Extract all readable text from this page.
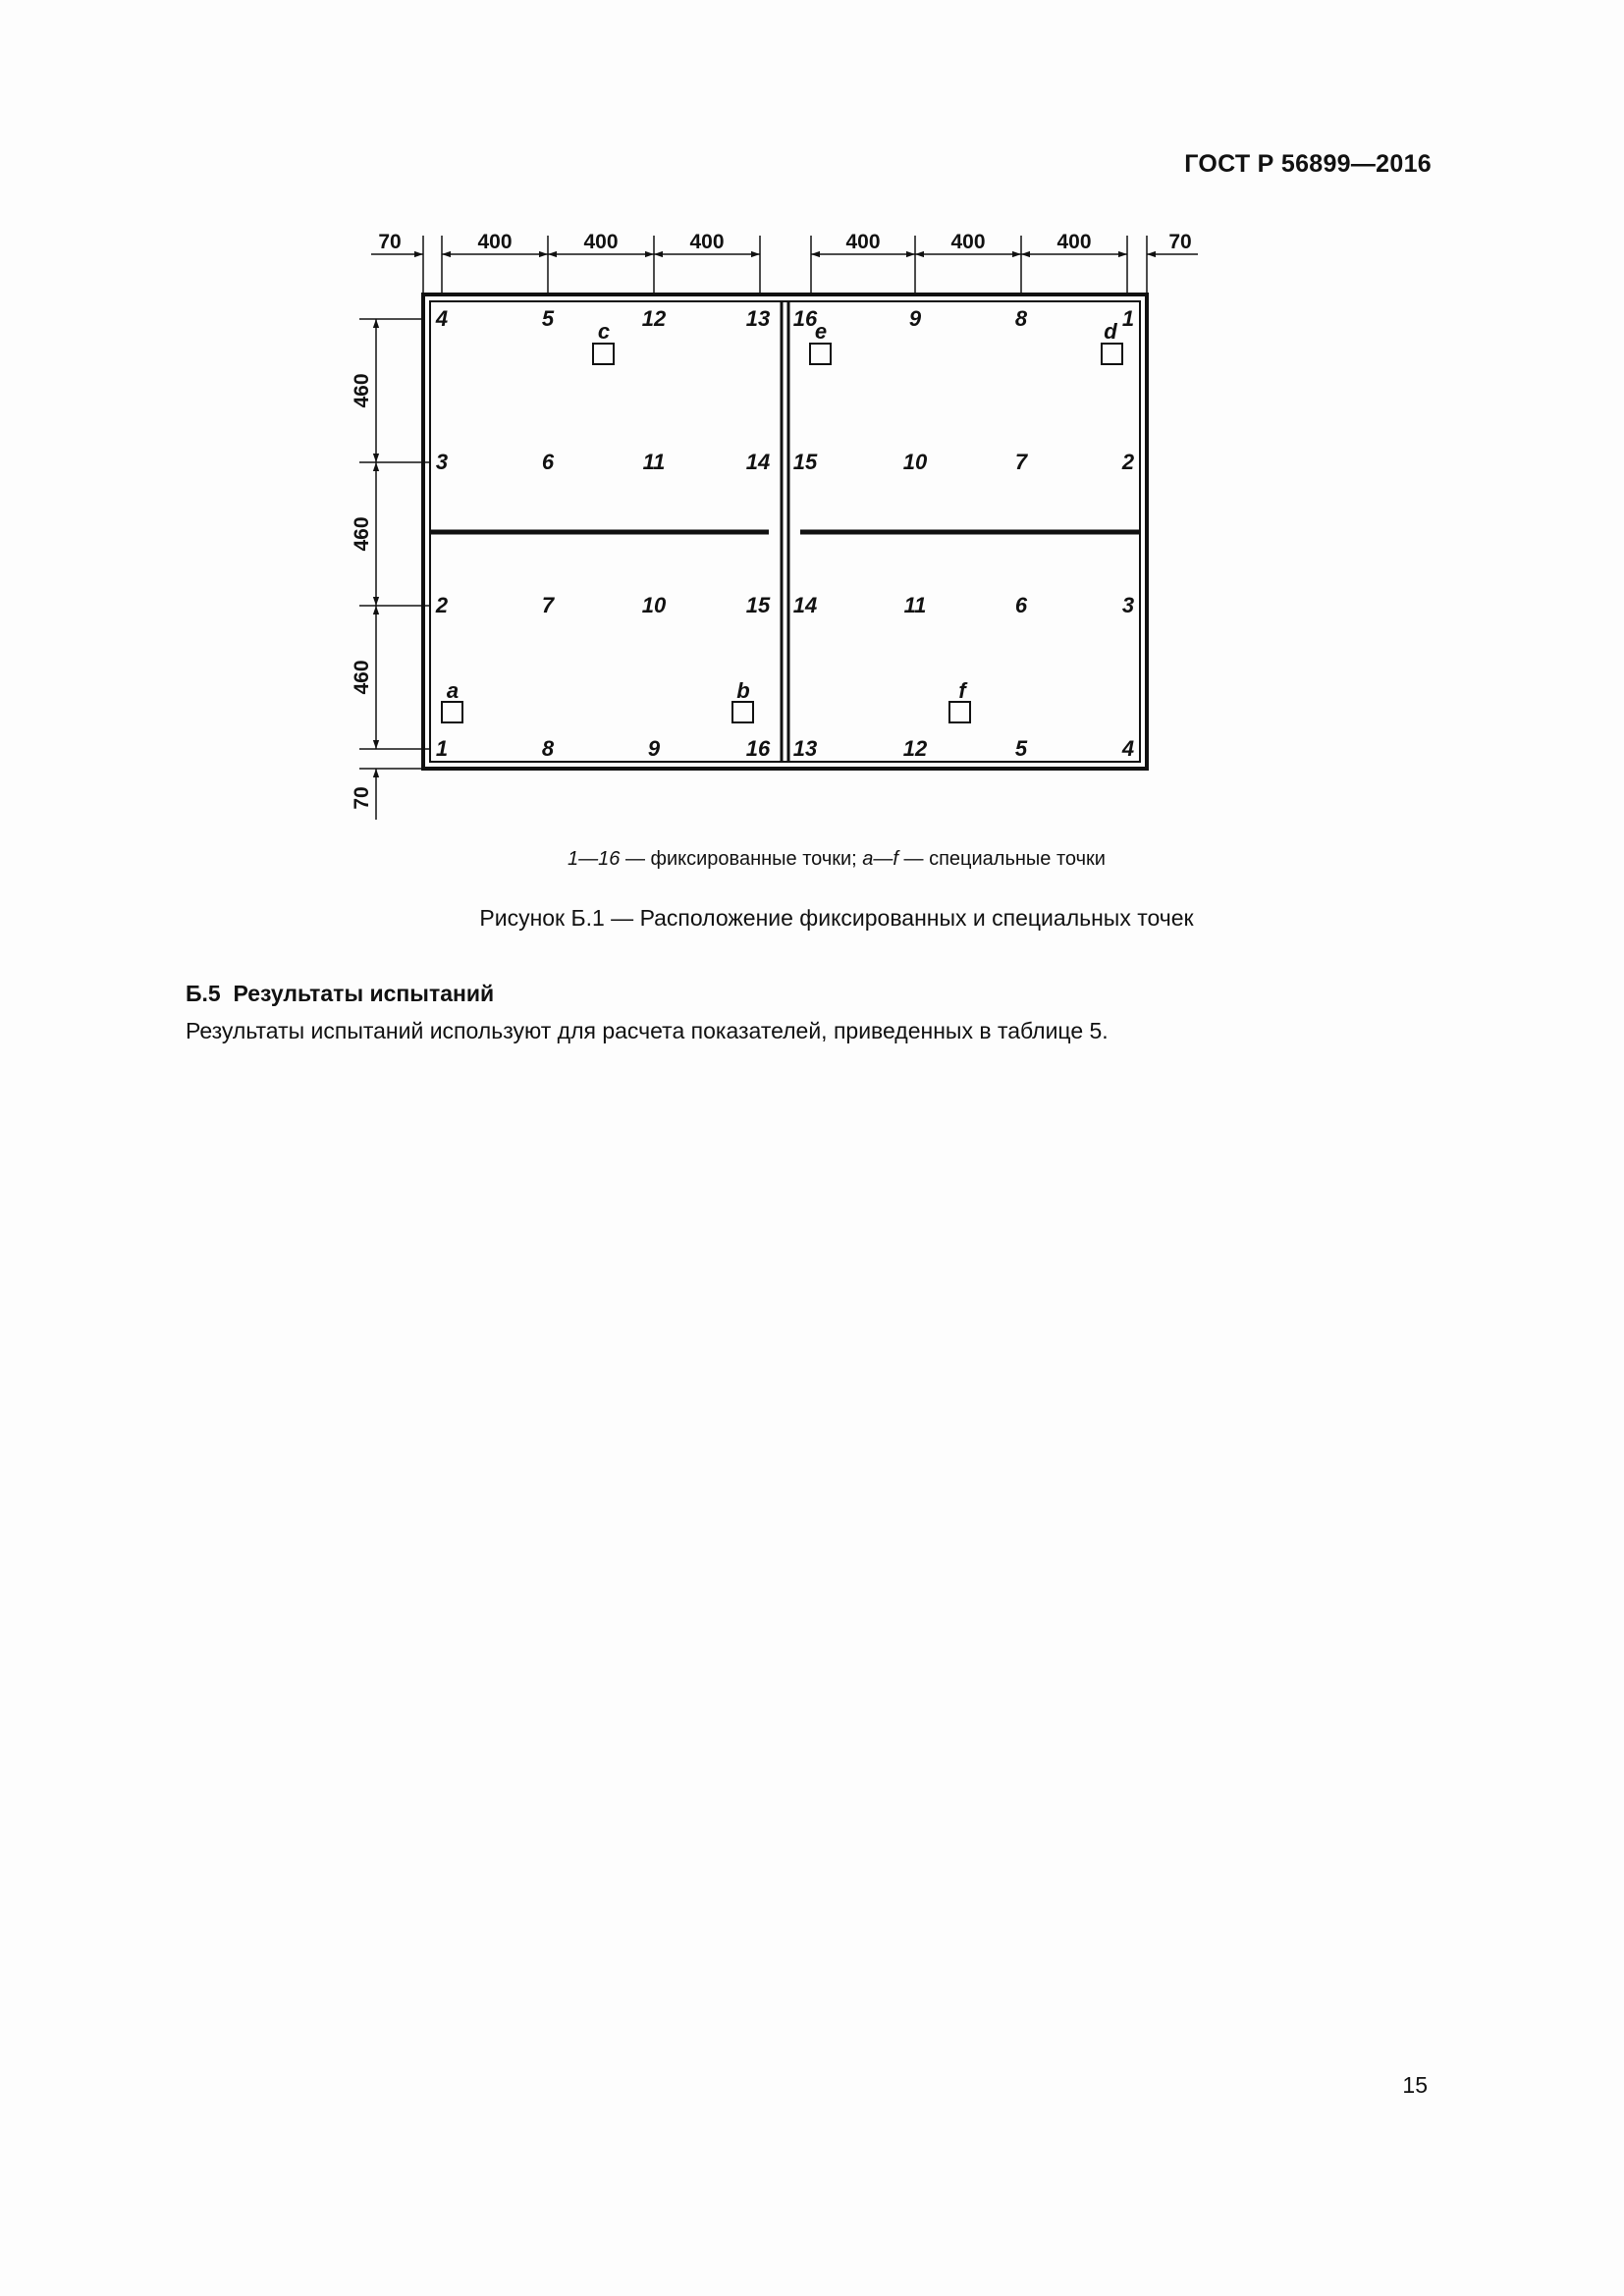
ГОСТ Р 56899—2016
70	400	400	400	400	400	400	70
460
460
460
70
4	5	12	13
3	6	11	14
2	7	10	15
1	8	9	16
16	9	8	1
15	10	7	2
14	11	6	3
13	12	5	4
a	b
c	e	d
f
1—16 — фиксированные точки; a—f — специальные точки
Рисунок Б.1 — Расположение фиксированных и специальных точек
Б.5  Результаты испытаний
Результаты испытаний используют для расчета показателей, приведенных в таблице 5.
15
